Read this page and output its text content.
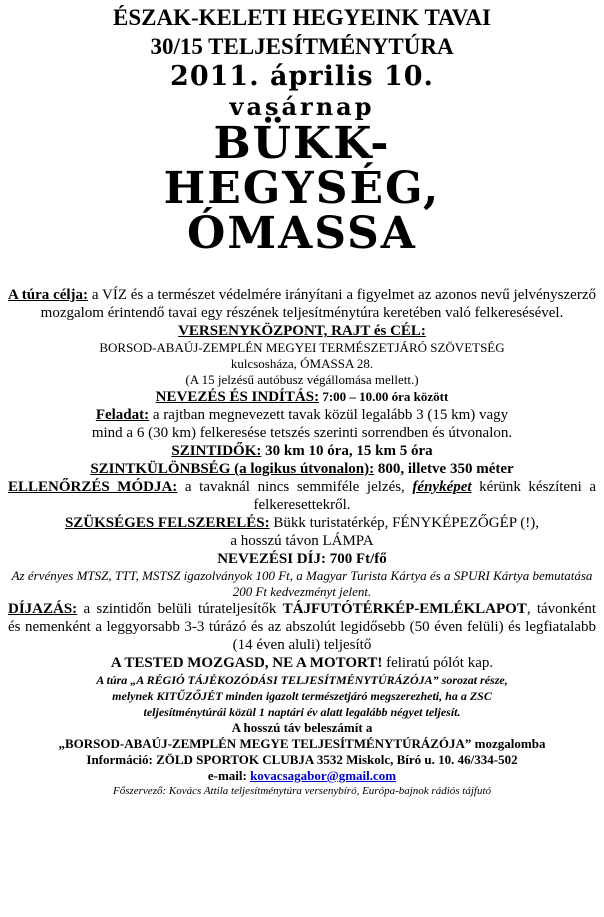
ÉSZAK-KELETI HEGYEINK TAVAI
30/15 TELJESÍTMÉNYTÚRA
2011. április 10.
vasárnap
BÜKK-
HEGYSÉG,
ÓMASSA
A túra célja: a VÍZ és a természet védelmére irányítani a figyelmet az azonos nevű jelvényszerző mozgalom érintendő tavai egy részének teljesítménytúra keretében való felkeresésével.
VERSENYKÖZPONT, RAJT és CÉL:
BORSOD-ABAÚJ-ZEMPLÉN MEGYEI TERMÉSZETJÁRÓ SZÖVETSÉG
kulcsosháza, ÓMASSA 28.
(A 15 jelzésű autóbusz végállomása mellett.)
NEVEZÉS ÉS INDÍTÁS: 7:00 – 10.00 óra között
Feladat: a rajtban megnevezett tavak közül legalább 3 (15 km) vagy
mind a 6 (30 km) felkeresése tetszés szerinti sorrendben és útvonalon.
SZINTIDŐK: 30 km 10 óra, 15 km 5 óra
SZINTKÜLÖNBSÉG (a logikus útvonalon): 800, illetve 350 méter
ELLENŐRZÉS MÓDJA: a tavaknál nincs semmiféle jelzés, fényképet kérünk készíteni a felkeresettekről.
SZÜKSÉGES FELSZERELÉS: Bükk turistatérkép, FÉNYKÉPEZŐGÉP (!),
a hosszú távon LÁMPA
NEVEZÉSI DÍJ: 700 Ft/fő
Az érvényes MTSZ, TTT, MSTSZ igazolványok 100 Ft, a Magyar Turista Kártya és a SPURI Kártya bemutatása 200 Ft kedvezményt jelent.
DÍJAZÁS: a szintidőn belüli túrateljesítők TÁJFUTÓTÉRKÉP-EMLÉKLAPOT, távonként és nemenként a leggyorsabb 3-3 túrázó és az abszolút legidősebb (50 éven felüli) és legfiatalabb (14 éven aluli) teljesítő
A TESTED MOZGASD, NE A MOTORT! feliratú pólót kap.
A túra „A RÉGIÓ TÁJÉKOZÓDÁSI TELJESÍTMÉNYTÚRÁZÓJA” sorozat része,
melynek KITŰZŐJÉT minden igazolt természetjáró megszerezheti, ha a ZSC
teljesítménytúrái közül 1 naptári év alatt legalább négyet teljesít.
A hosszú táv beleszámít a
„BORSOD-ABAÚJ-ZEMPLÉN MEGYE TELJESÍTMÉNYTÚRÁZÓJA” mozgalomba
Információ: ZÖLD SPORTOK CLUBJA 3532 Miskolc, Bíró u. 10. 46/334-502
e-mail: kovacsagabor@gmail.com
Főszervező: Kovács Attila teljesítménytúra versenybíró, Európa-bajnok rádiós tájfutó
